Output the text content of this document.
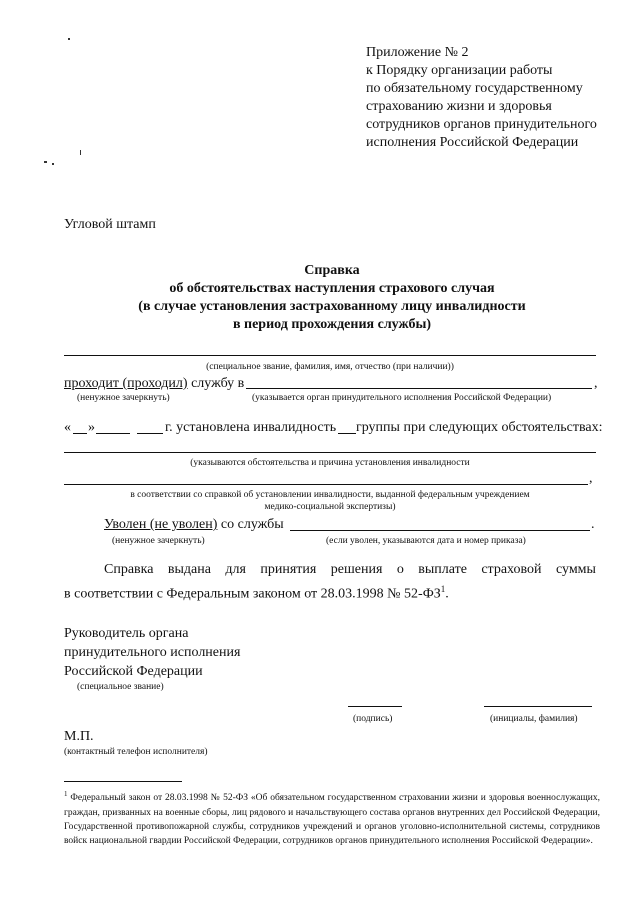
Приложение № 2
к Порядку организации работы
по обязательному государственному
страхованию жизни и здоровья
сотрудников органов принудительного
исполнения Российской Федерации
Угловой штамп
Справка
об обстоятельствах наступления страхового случая
(в случае установления застрахованному лицу инвалидности
в период прохождения службы)
(специальное звание, фамилия, имя, отчество (при наличии))
проходит (проходил) службу в	,
(ненужное зачеркнуть)	(указывается орган принудительного исполнения Российской Федерации)
« »	г. установлена инвалидность группы при следующих обстоятельствах:
(указываются обстоятельства и причина установления инвалидности
,
в соответствии со справкой об установлении инвалидности, выданной федеральным учреждением
медико-социальной экспертизы)
Уволен (не уволен) со службы	.
(ненужное зачеркнуть)	(если уволен, указываются дата и номер приказа)
Справка выдана для принятия решения о выплате страховой суммы
в соответствии с Федеральным законом от 28.03.1998 № $52-ФЗ^1$.
Руководитель органа
принудительного исполнения
Российской Федерации
(специальное звание)
(подпись)	(инициалы, фамилия)
М.П.
(контактный телефон исполнителя)
$^1$ Федеральный закон от 28.03.1998 № 52-ФЗ «Об обязательном государственном страховании жизни и здоровья военнослужащих, граждан, призванных на военные сборы, лиц рядового и начальствующего состава органов внутренних дел Российской Федерации, Государственной противопожарной службы, сотрудников учреждений и органов уголовно-исполнительной системы, сотрудников войск национальной гвардии Российской Федерации, сотрудников органов принудительного исполнения Российской Федерации».
